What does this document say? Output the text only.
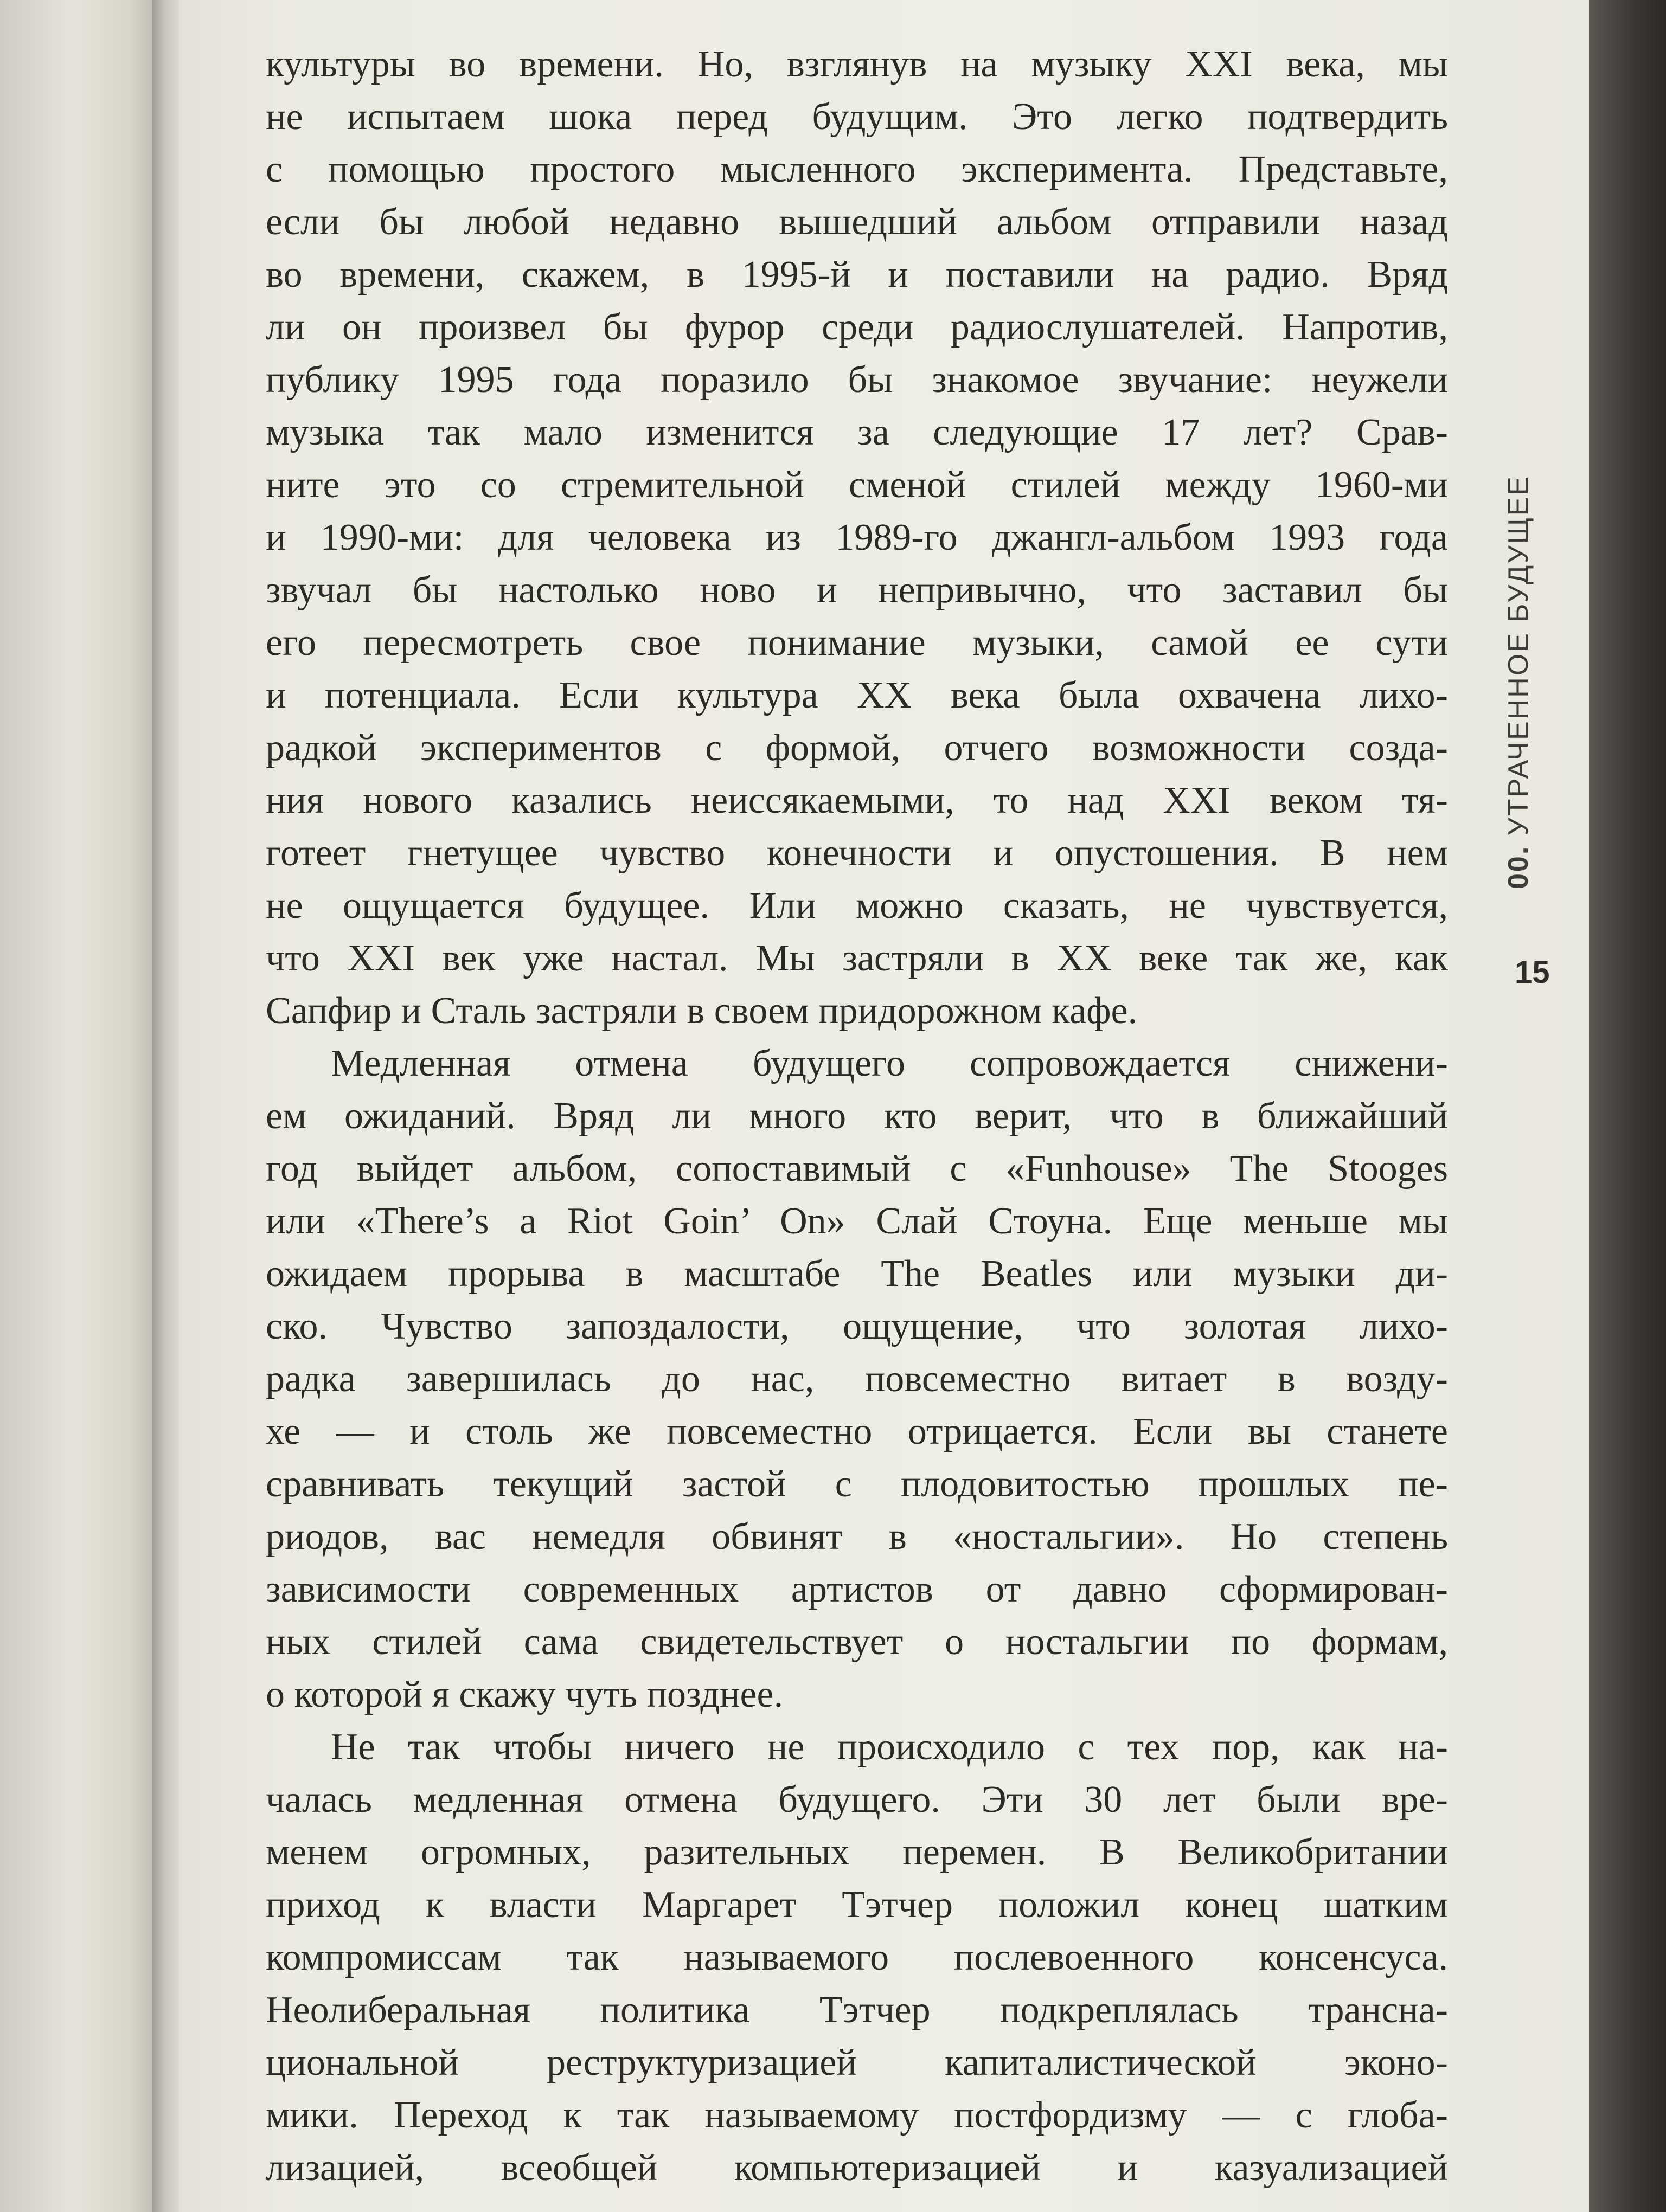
культуры во времени. Но, взглянув на музыку XXI века, мы
не испытаем шока перед будущим. Это легко подтвердить
с помощью простого мысленного эксперимента. Представьте,
если бы любой недавно вышедший альбом отправили назад
во времени, скажем, в 1995-й и поставили на радио. Вряд
ли он произвел бы фурор среди радиослушателей. Напротив,
публику 1995 года поразило бы знакомое звучание: неужели
музыка так мало изменится за следующие 17 лет? Срав-
ните это со стремительной сменой стилей между 1960-ми
и 1990-ми: для человека из 1989-го джангл-альбом 1993 года
звучал бы настолько ново и непривычно, что заставил бы
его пересмотреть свое понимание музыки, самой ее сути
и потенциала. Если культура XX века была охвачена лихо-
радкой экспериментов с формой, отчего возможности созда-
ния нового казались неиссякаемыми, то над XXI веком тя-
готеет гнетущее чувство конечности и опустошения. В нем
не ощущается будущее. Или можно сказать, не чувствуется,
что XXI век уже настал. Мы застряли в XX веке так же, как
Сапфир и Сталь застряли в своем придорожном кафе.
Медленная отмена будущего сопровождается снижени-
ем ожиданий. Вряд ли много кто верит, что в ближайший
год выйдет альбом, сопоставимый с «Funhouse» The Stooges
или «There’s a Riot Goin’ On» Слай Стоуна. Еще меньше мы
ожидаем прорыва в масштабе The Beatles или музыки ди-
ско. Чувство запоздалости, ощущение, что золотая лихо-
радка завершилась до нас, повсеместно витает в возду-
хе — и столь же повсеместно отрицается. Если вы станете
сравнивать текущий застой с плодовитостью прошлых пе-
риодов, вас немедля обвинят в «ностальгии». Но степень
зависимости современных артистов от давно сформирован-
ных стилей сама свидетельствует о ностальгии по формам,
о которой я скажу чуть позднее.
Не так чтобы ничего не происходило с тех пор, как на-
чалась медленная отмена будущего. Эти 30 лет были вре-
менем огромных, разительных перемен. В Великобритании
приход к власти Маргарет Тэтчер положил конец шатким
компромиссам так называемого послевоенного консенсуса.
Неолиберальная политика Тэтчер подкреплялась трансна-
циональной реструктуризацией капиталистической эконо-
мики. Переход к так называемому постфордизму — с глоба-
лизацией, всеобщей компьютеризацией и казуализацией
00. УТРАЧЕННОЕ БУДУЩЕЕ
15
